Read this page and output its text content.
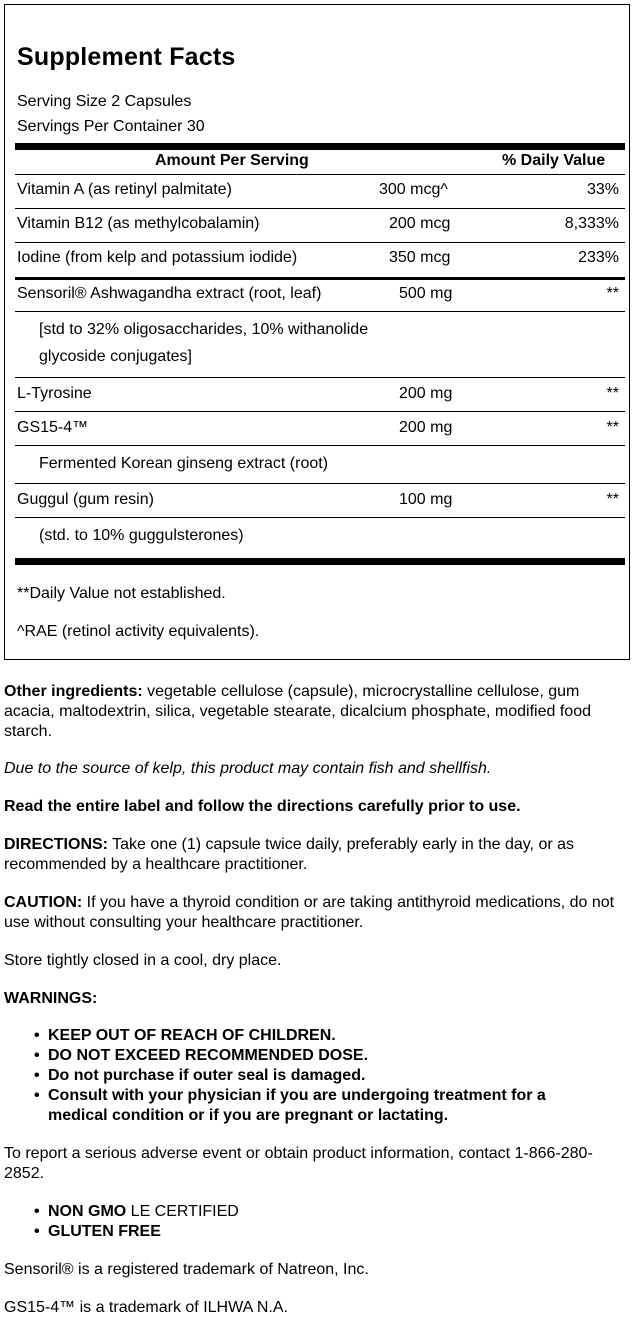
Supplement Facts
Serving Size 2 Capsules
Servings Per Container 30
Amount Per Serving	% Daily Value
Vitamin A (as retinyl palmitate)	300 mcg^	33%
Vitamin B12 (as methylcobalamin)	200 mcg	8,333%
Iodine (from kelp and potassium iodide)	350 mcg	233%
Sensoril® Ashwagandha extract (root, leaf)	500 mg	**
[std to 32% oligosaccharides, 10% withanolide
glycoside conjugates]
L-Tyrosine	200 mg	**
GS15-4™	200 mg	**
Fermented Korean ginseng extract (root)
Guggul (gum resin)	100 mg	**
(std. to 10% guggulsterones)
**Daily Value not established.
^RAE (retinol activity equivalents).

Other ingredients: vegetable cellulose (capsule), microcrystalline cellulose, gum acacia, maltodextrin, silica, vegetable stearate, dicalcium phosphate, modified food starch.

Due to the source of kelp, this product may contain fish and shellfish.
Read the entire label and follow the directions carefully prior to use.

DIRECTIONS: Take one (1) capsule twice daily, preferably early in the day, or as recommended by a healthcare practitioner.

CAUTION: If you have a thyroid condition or are taking antithyroid medications, do not use without consulting your healthcare practitioner.

Store tightly closed in a cool, dry place.
WARNINGS:
• KEEP OUT OF REACH OF CHILDREN.
• DO NOT EXCEED RECOMMENDED DOSE.
• Do not purchase if outer seal is damaged.
• Consult with your physician if you are undergoing treatment for a medical condition or if you are pregnant or lactating.
To report a serious adverse event or obtain product information, contact 1-866-280-2852.
• NON GMO LE CERTIFIED
• GLUTEN FREE
Sensoril® is a registered trademark of Natreon, Inc.
GS15-4™ is a trademark of ILHWA N.A.
